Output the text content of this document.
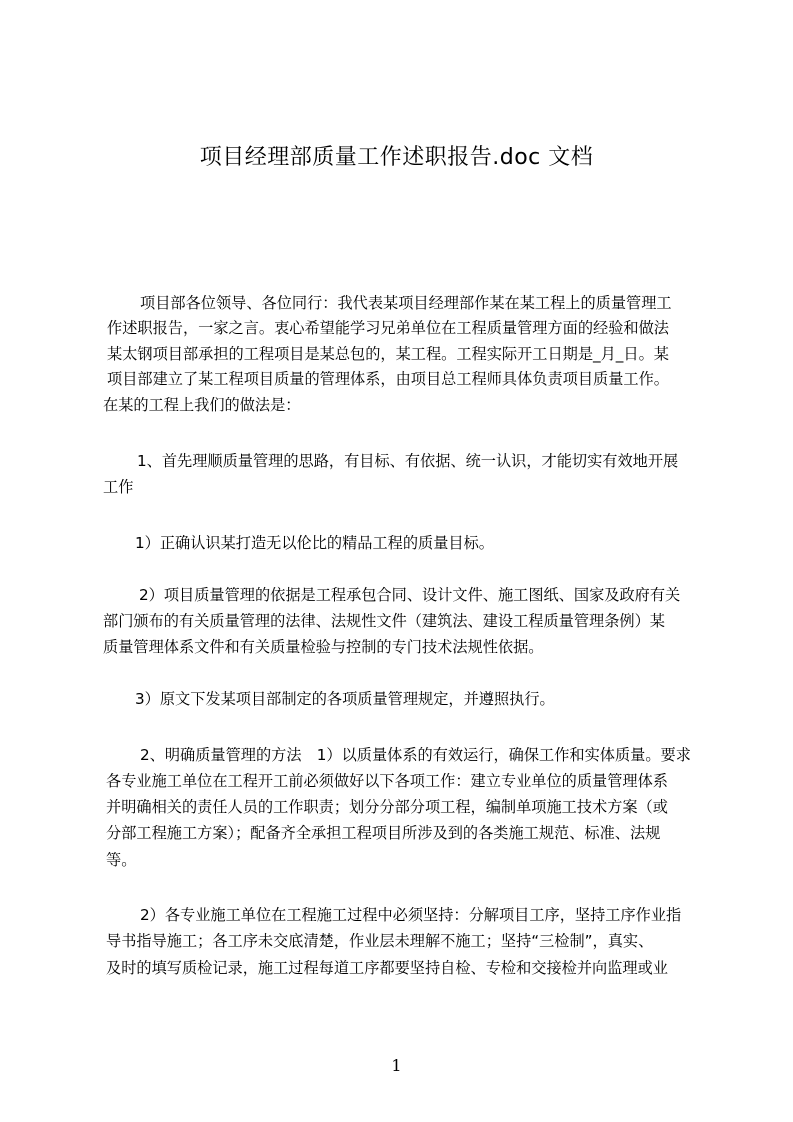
项目经理部质量工作述职报告.doc 文档
项目部各位领导、各位同行：我代表某项目经理部作某在某工程上的质量管理工
作述职报告，一家之言。衷心希望能学习兄弟单位在工程质量管理方面的经验和做法
某太钢项目部承担的工程项目是某总包的，某工程。工程实际开工日期是_月_日。某
项目部建立了某工程项目质量的管理体系，由项目总工程师具体负责项目质量工作。
在某的工程上我们的做法是：
1、首先理顺质量管理的思路，有目标、有依据、统一认识，才能切实有效地开展
工作
1）正确认识某打造无以伦比的精品工程的质量目标。
2）项目质量管理的依据是工程承包合同、设计文件、施工图纸、国家及政府有关
部门颁布的有关质量管理的法律、法规性文件（建筑法、建设工程质量管理条例）某
质量管理体系文件和有关质量检验与控制的专门技术法规性依据。
3）原文下发某项目部制定的各项质量管理规定，并遵照执行。
2、明确质量管理的方法　1）以质量体系的有效运行，确保工作和实体质量。要求
各专业施工单位在工程开工前必须做好以下各项工作：建立专业单位的质量管理体系
并明确相关的责任人员的工作职责；划分分部分项工程，编制单项施工技术方案（或
分部工程施工方案）；配备齐全承担工程项目所涉及到的各类施工规范、标准、法规
等。
2）各专业施工单位在工程施工过程中必须坚持：分解项目工序，坚持工序作业指
导书指导施工；各工序未交底清楚，作业层未理解不施工；坚持“三检制”，真实、
及时的填写质检记录，施工过程每道工序都要坚持自检、专检和交接检并向监理或业
1
